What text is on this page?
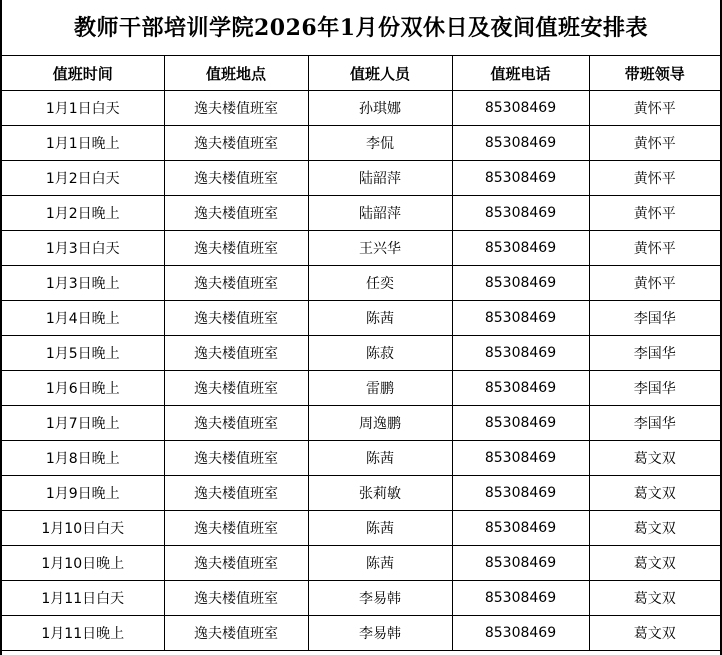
教师干部培训学院2026年1月份双休日及夜间值班安排表
值班时间	值班地点	值班人员	值班电话	带班领导
1月1日白天	逸夫楼值班室	孙琪娜	85308469	黄怀平
1月1日晚上	逸夫楼值班室	李侃	85308469	黄怀平
1月2日白天	逸夫楼值班室	陆韶萍	85308469	黄怀平
1月2日晚上	逸夫楼值班室	陆韶萍	85308469	黄怀平
1月3日白天	逸夫楼值班室	王兴华	85308469	黄怀平
1月3日晚上	逸夫楼值班室	任奕	85308469	黄怀平
1月4日晚上	逸夫楼值班室	陈茜	85308469	李国华
1月5日晚上	逸夫楼值班室	陈菽	85308469	李国华
1月6日晚上	逸夫楼值班室	雷鹏	85308469	李国华
1月7日晚上	逸夫楼值班室	周逸鹏	85308469	李国华
1月8日晚上	逸夫楼值班室	陈茜	85308469	葛文双
1月9日晚上	逸夫楼值班室	张莉敏	85308469	葛文双
1月10日白天	逸夫楼值班室	陈茜	85308469	葛文双
1月10日晚上	逸夫楼值班室	陈茜	85308469	葛文双
1月11日白天	逸夫楼值班室	李易韩	85308469	葛文双
1月11日晚上	逸夫楼值班室	李易韩	85308469	葛文双
